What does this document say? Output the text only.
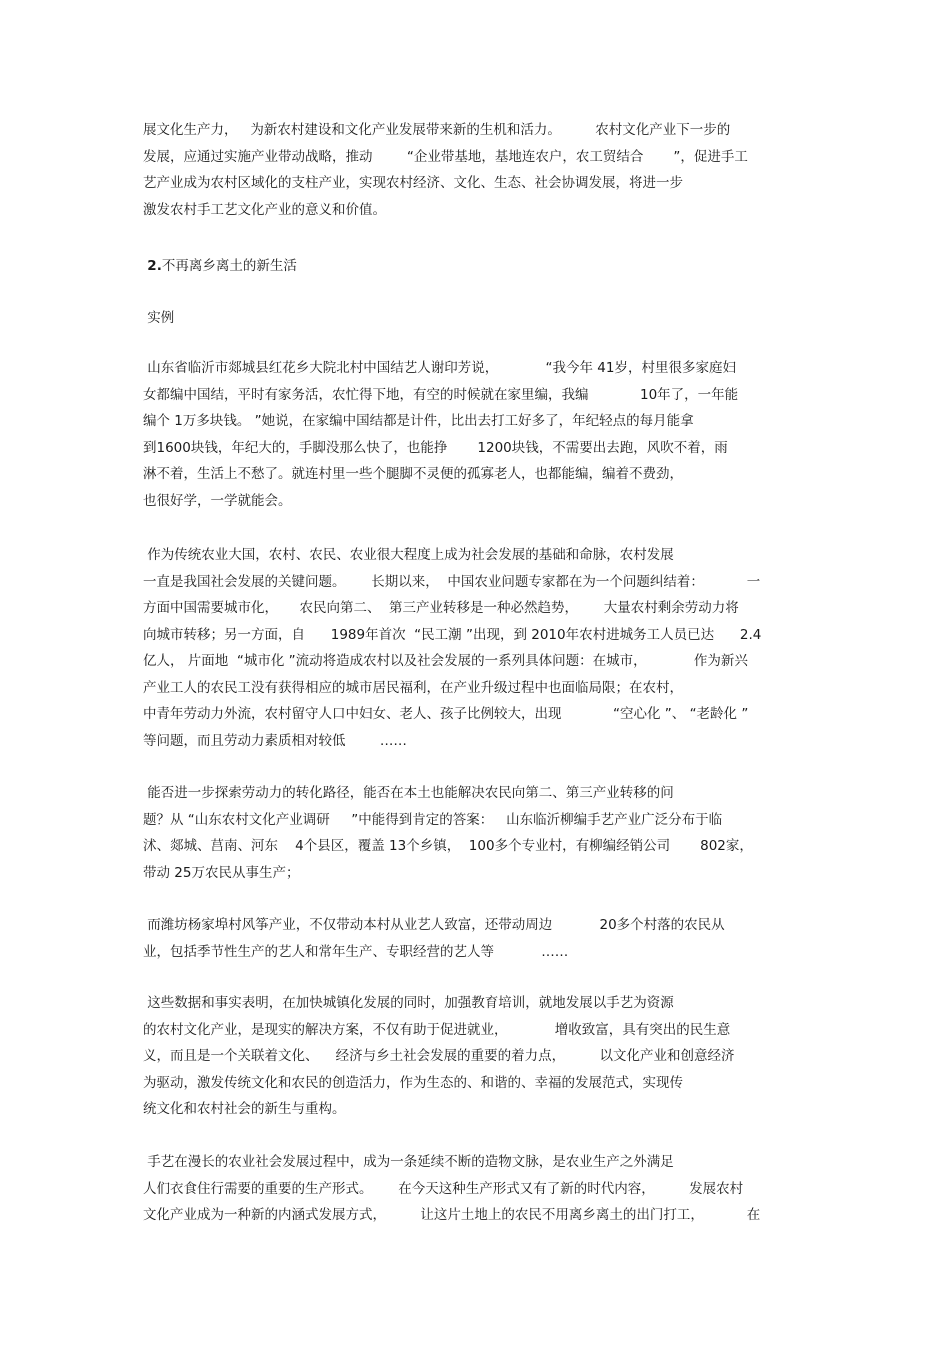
展文化生产力，   为新农村建设和文化产业发展带来新的生机和活力。        农村文化产业下一步的
发展，应通过实施产业带动战略，推动        “企业带基地，基地连农户，农工贸结合       ”，促进手工
艺产业成为农村区域化的支柱产业，实现农村经济、文化、生态、社会协调发展，将进一步
激发农村手工艺文化产业的意义和价值。
2.不再离乡离土的新生活
实例
山东省临沂市郯城县红花乡大院北村中国结艺人谢印芳说，           “我今年 41岁，村里很多家庭妇
女都编中国结，平时有家务活，农忙得下地，有空的时候就在家里编，我编            10年了，一年能
编个 1万多块钱。 ”她说，在家编中国结都是计件，比出去打工好多了，年纪轻点的每月能拿
到1600块钱，年纪大的，手脚没那么快了，也能挣       1200块钱，不需要出去跑，风吹不着，雨
淋不着，生活上不愁了。就连村里一些个腿脚不灵便的孤寡老人，也都能编，编着不费劲，
也很好学，一学就能会。
作为传统农业大国，农村、农民、农业很大程度上成为社会发展的基础和命脉，农村发展
一直是我国社会发展的关键问题。      长期以来，  中国农业问题专家都在为一个问题纠结着：          一
方面中国需要城市化，     农民向第二、  第三产业转移是一种必然趋势，      大量农村剩余劳动力将
向城市转移；另一方面，自      1989年首次  “民工潮 ”出现，到 2010年农村进城务工人员已达      2.4
亿人， 片面地  “城市化 ”流动将造成农村以及社会发展的一系列具体问题：在城市，           作为新兴
产业工人的农民工没有获得相应的城市居民福利，在产业升级过程中也面临局限；在农村，
中青年劳动力外流，农村留守人口中妇女、老人、孩子比例较大，出现            “空心化 ”、 “老龄化 ”
等问题，而且劳动力素质相对较低        ……
能否进一步探索劳动力的转化路径，能否在本土也能解决农民向第二、第三产业转移的问
题？从 “山东农村文化产业调研     ”中能得到肯定的答案：   山东临沂柳编手艺产业广泛分布于临
沭、郯城、莒南、河东    4个县区，覆盖 13个乡镇，  100多个专业村，有柳编经销公司       802家，
带动 25万农民从事生产；
而潍坊杨家埠村风筝产业，不仅带动本村从业艺人致富，还带动周边           20多个村落的农民从
业，包括季节性生产的艺人和常年生产、专职经营的艺人等           ……
这些数据和事实表明，在加快城镇化发展的同时，加强教育培训，就地发展以手艺为资源
的农村文化产业，是现实的解决方案，不仅有助于促进就业，           增收致富，具有突出的民生意
义，而且是一个关联着文化、    经济与乡土社会发展的重要的着力点，        以文化产业和创意经济
为驱动，激发传统文化和农民的创造活力，作为生态的、和谐的、幸福的发展范式，实现传
统文化和农村社会的新生与重构。
手艺在漫长的农业社会发展过程中，成为一条延续不断的造物文脉，是农业生产之外满足
人们衣食住行需要的重要的生产形式。      在今天这种生产形式又有了新的时代内容，        发展农村
文化产业成为一种新的内涵式发展方式，        让这片土地上的农民不用离乡离土的出门打工，          在
